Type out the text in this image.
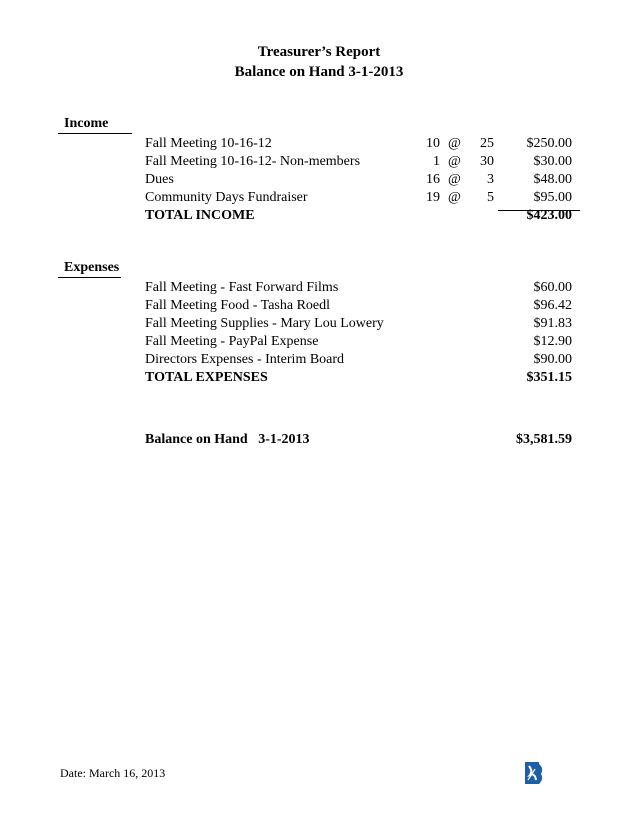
Treasurer’s Report
Balance on Hand 3-1-2013
Income
Fall Meeting 10-16-12	10 @	25	$250.00
Fall Meeting 10-16-12- Non-members	1 @	30	$30.00
Dues	16 @	3	$48.00
Community Days Fundraiser	19 @	5	$95.00
TOTAL INCOME	$423.00
Expenses
Fall Meeting - Fast Forward Films	$60.00
Fall Meeting Food - Tasha Roedl	$96.42
Fall Meeting Supplies - Mary Lou Lowery	$91.83
Fall Meeting - PayPal Expense	$12.90
Directors Expenses - Interim Board	$90.00
TOTAL EXPENSES	$351.15
Balance on Hand   3-1-2013	$3,581.59
Date: March 16, 2013
